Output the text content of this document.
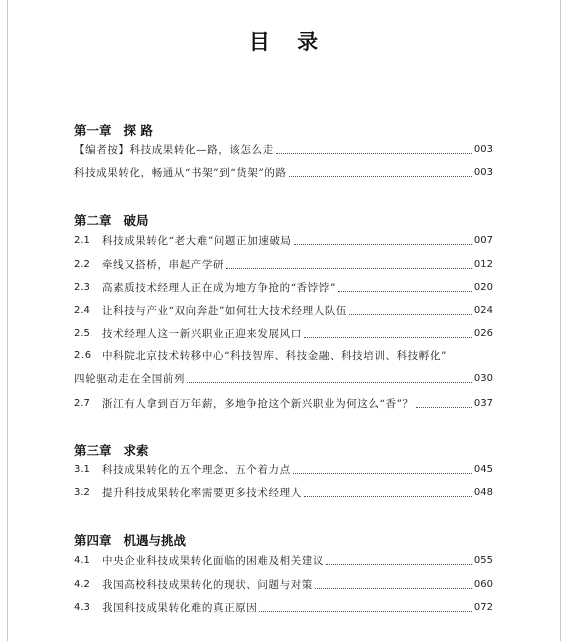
目 录
第一章 探 路
【编者按】科技成果转化—路，该怎么走	003
科技成果转化，畅通从“书架”到“货架”的路	003
第二章 破局
2.1	科技成果转化“老大难”问题正加速破局	007
2.2	牵线又搭桥，串起产学研	012
2.3	高素质技术经理人正在成为地方争抢的“香饽饽”	020
2.4	让科技与产业“双向奔赴”如何壮大技术经理人队伍	024
2.5	技术经理人这一新兴职业正迎来发展风口	026
2.6 中科院北京技术转移中心“科技智库、科技金融、科技培训、科技孵化”
四轮驱动走在全国前列	030
2.7	浙江有人拿到百万年薪，多地争抢这个新兴职业为何这么“香”？	037
第三章 求索
3.1	科技成果转化的五个理念、五个着力点	045
3.2	提升科技成果转化率需要更多技术经理人	048
第四章 机遇与挑战
4.1	中央企业科技成果转化面临的困难及相关建议	055
4.2	我国高校科技成果转化的现状、问题与对策	060
4.3	我国科技成果转化难的真正原因	072
